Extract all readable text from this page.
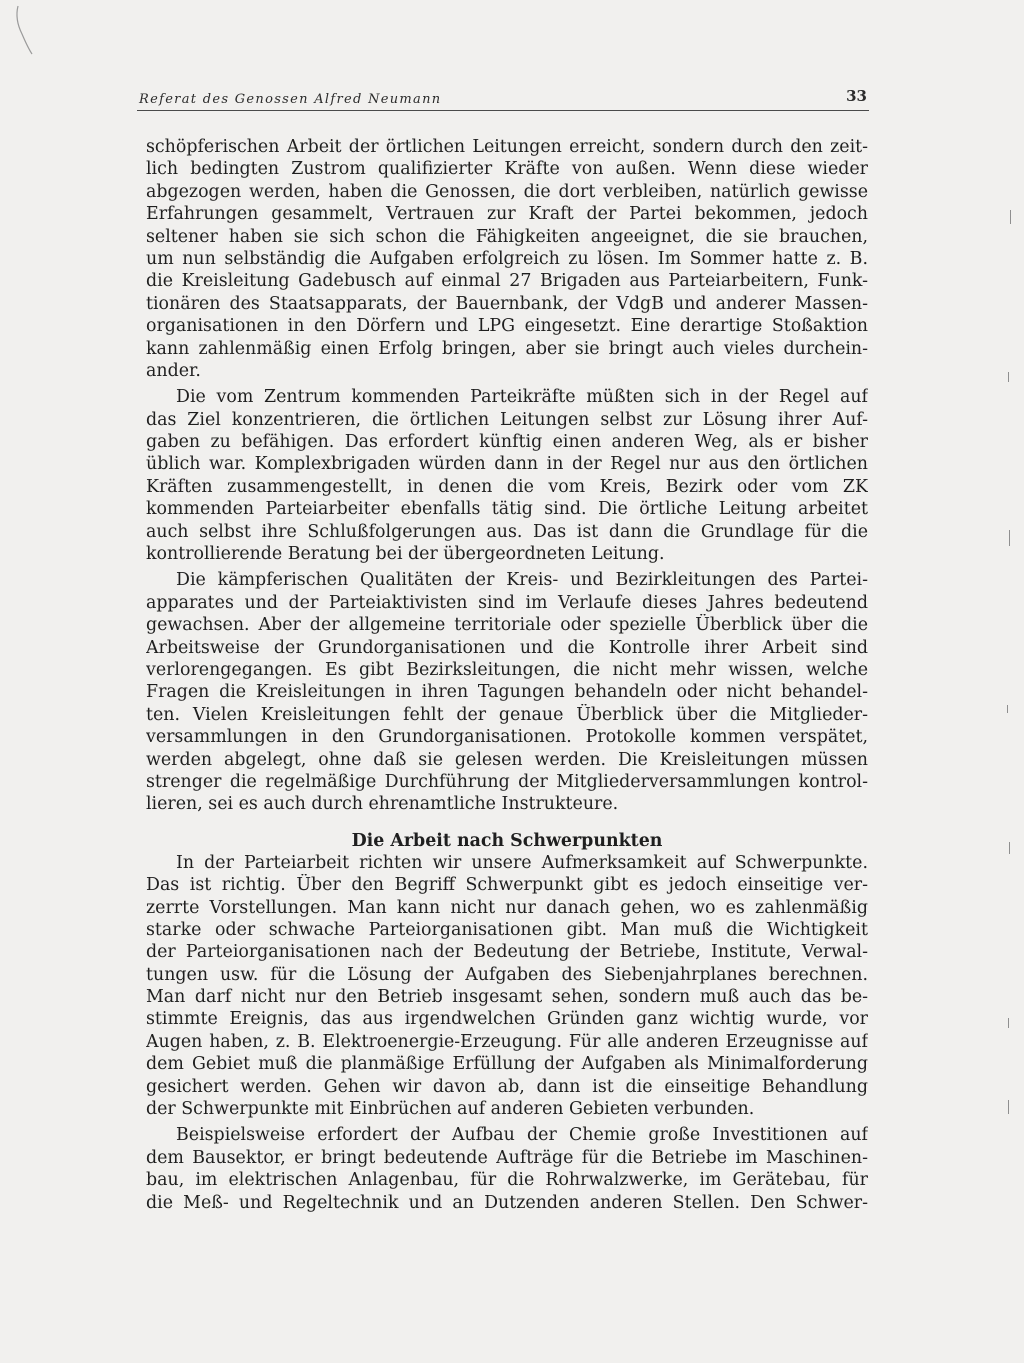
Referat des Genossen Alfred Neumann	33
schöpferischen Arbeit der örtlichen Leitungen erreicht, sondern durch den zeit-
lich bedingten Zustrom qualifizierter Kräfte von außen. Wenn diese wieder
abgezogen werden, haben die Genossen, die dort verbleiben, natürlich gewisse
Erfahrungen gesammelt, Vertrauen zur Kraft der Partei bekommen, jedoch
seltener haben sie sich schon die Fähigkeiten angeeignet, die sie brauchen,
um nun selbständig die Aufgaben erfolgreich zu lösen. Im Sommer hatte z. B.
die Kreisleitung Gadebusch auf einmal 27 Brigaden aus Parteiarbeitern, Funk-
tionären des Staatsapparats, der Bauernbank, der VdgB und anderer Massen-
organisationen in den Dörfern und LPG eingesetzt. Eine derartige Stoßaktion
kann zahlenmäßig einen Erfolg bringen, aber sie bringt auch vieles durchein-
ander.
Die vom Zentrum kommenden Parteikräfte müßten sich in der Regel auf
das Ziel konzentrieren, die örtlichen Leitungen selbst zur Lösung ihrer Auf-
gaben zu befähigen. Das erfordert künftig einen anderen Weg, als er bisher
üblich war. Komplexbrigaden würden dann in der Regel nur aus den örtlichen
Kräften zusammengestellt, in denen die vom Kreis, Bezirk oder vom ZK
kommenden Parteiarbeiter ebenfalls tätig sind. Die örtliche Leitung arbeitet
auch selbst ihre Schlußfolgerungen aus. Das ist dann die Grundlage für die
kontrollierende Beratung bei der übergeordneten Leitung.
Die kämpferischen Qualitäten der Kreis- und Bezirkleitungen des Partei-
apparates und der Parteiaktivisten sind im Verlaufe dieses Jahres bedeutend
gewachsen. Aber der allgemeine territoriale oder spezielle Überblick über die
Arbeitsweise der Grundorganisationen und die Kontrolle ihrer Arbeit sind
verlorengegangen. Es gibt Bezirksleitungen, die nicht mehr wissen, welche
Fragen die Kreisleitungen in ihren Tagungen behandeln oder nicht behandel-
ten. Vielen Kreisleitungen fehlt der genaue Überblick über die Mitglieder-
versammlungen in den Grundorganisationen. Protokolle kommen verspätet,
werden abgelegt, ohne daß sie gelesen werden. Die Kreisleitungen müssen
strenger die regelmäßige Durchführung der Mitgliederversammlungen kontrol-
lieren, sei es auch durch ehrenamtliche Instrukteure.
Die Arbeit nach Schwerpunkten
In der Parteiarbeit richten wir unsere Aufmerksamkeit auf Schwerpunkte.
Das ist richtig. Über den Begriff Schwerpunkt gibt es jedoch einseitige ver-
zerrte Vorstellungen. Man kann nicht nur danach gehen, wo es zahlenmäßig
starke oder schwache Parteiorganisationen gibt. Man muß die Wichtigkeit
der Parteiorganisationen nach der Bedeutung der Betriebe, Institute, Verwal-
tungen usw. für die Lösung der Aufgaben des Siebenjahrplanes berechnen.
Man darf nicht nur den Betrieb insgesamt sehen, sondern muß auch das be-
stimmte Ereignis, das aus irgendwelchen Gründen ganz wichtig wurde, vor
Augen haben, z. B. Elektroenergie-Erzeugung. Für alle anderen Erzeugnisse auf
dem Gebiet muß die planmäßige Erfüllung der Aufgaben als Minimalforderung
gesichert werden. Gehen wir davon ab, dann ist die einseitige Behandlung
der Schwerpunkte mit Einbrüchen auf anderen Gebieten verbunden.
Beispielsweise erfordert der Aufbau der Chemie große Investitionen auf
dem Bausektor, er bringt bedeutende Aufträge für die Betriebe im Maschinen-
bau, im elektrischen Anlagenbau, für die Rohrwalzwerke, im Gerätebau, für
die Meß- und Regeltechnik und an Dutzenden anderen Stellen. Den Schwer-
